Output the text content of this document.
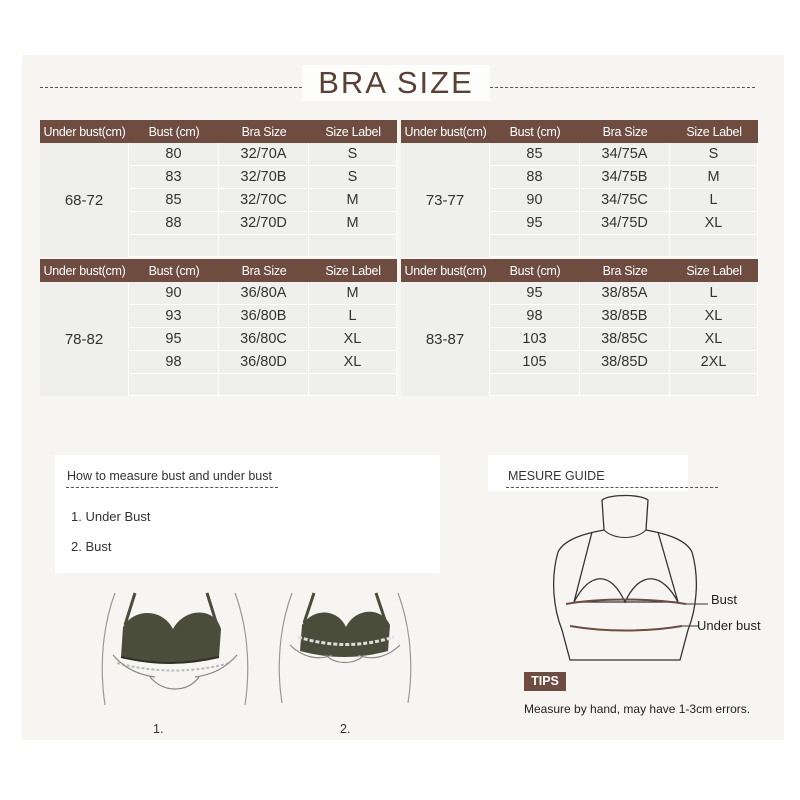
BRA SIZE
Under bust(cm)	Bust (cm)	Bra Size	Size Label
68-72	80	32/70A	S
	83	32/70B	S
	85	32/70C	M
	88	32/70D	M

Under bust(cm)	Bust (cm)	Bra Size	Size Label
73-77	85	34/75A	S
	88	34/75B	M
	90	34/75C	L
	95	34/75D	XL

Under bust(cm)	Bust (cm)	Bra Size	Size Label
78-82	90	36/80A	M
	93	36/80B	L
	95	36/80C	XL
	98	36/80D	XL

Under bust(cm)	Bust (cm)	Bra Size	Size Label
83-87	95	38/85A	L
	98	38/85B	XL
	103	38/85C	XL
	105	38/85D	2XL

How to measure bust and under bust
1. Under Bust
2. Bust
MESURE GUIDE
1.	2.
Bust
Under bust
TIPS
Measure by hand, may have 1-3cm errors.
